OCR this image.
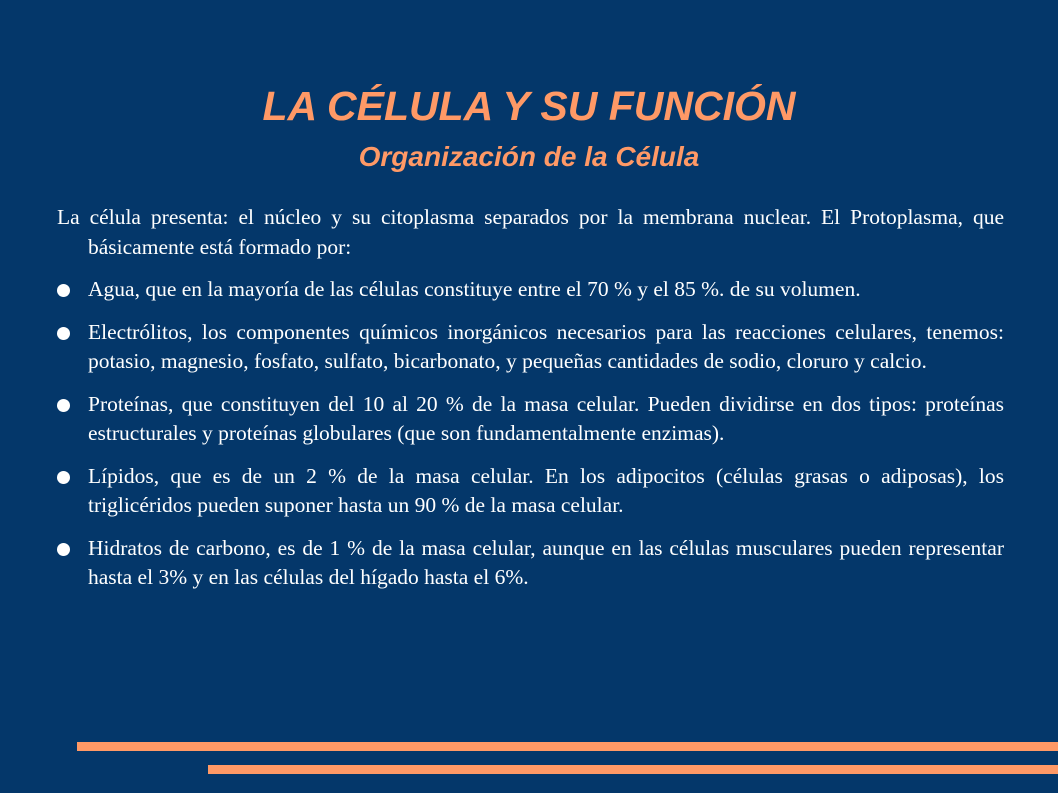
LA CÉLULA Y SU FUNCIÓN
Organización de la Célula

La célula presenta: el núcleo y su citoplasma separados por la membrana nuclear. El Protoplasma, que básicamente está formado por:

Agua, que en la mayoría de las células constituye entre el 70 % y el 85 %. de su volumen.
Electrólitos, los componentes químicos inorgánicos necesarios para las reacciones celulares, tenemos: potasio, magnesio, fosfato, sulfato, bicarbonato, y pequeñas cantidades de sodio, cloruro y calcio.
Proteínas, que constituyen del 10 al 20 % de la masa celular. Pueden dividirse en dos tipos: proteínas estructurales y proteínas globulares (que son fundamentalmente enzimas).
Lípidos, que es de un 2 % de la masa celular. En los adipocitos (células grasas o adiposas), los triglicéridos pueden suponer hasta un 90 % de la masa celular.
Hidratos de carbono, es de 1 % de la masa celular, aunque en las células musculares pueden representar hasta el 3% y en las células del hígado hasta el 6%.
